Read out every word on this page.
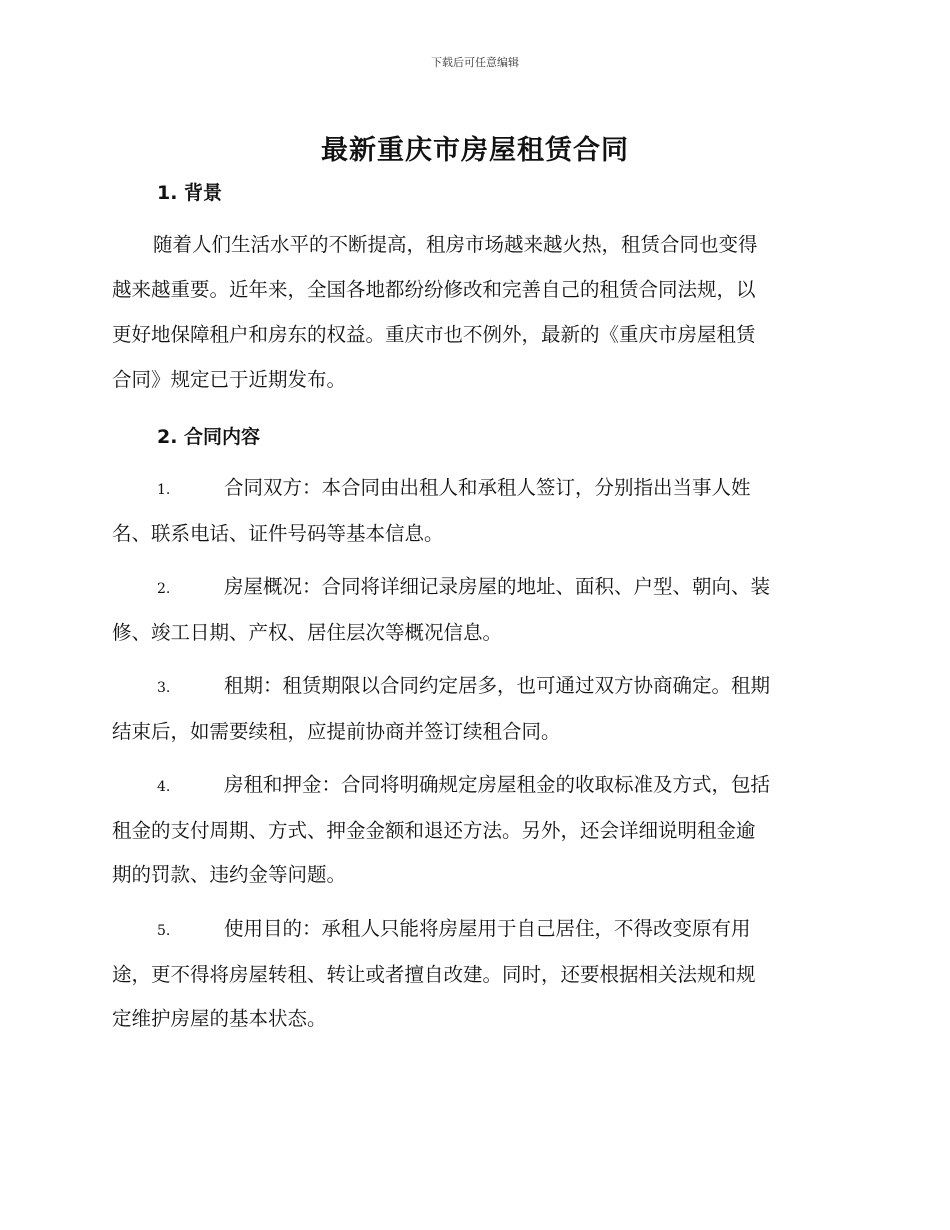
下载后可任意编辑
最新重庆市房屋租赁合同
1. 背景
随着人们生活水平的不断提高，租房市场越来越火热，租赁合同也变得
越来越重要。近年来，全国各地都纷纷修改和完善自己的租赁合同法规，以
更好地保障租户和房东的权益。重庆市也不例外，最新的《重庆市房屋租赁
合同》规定已于近期发布。
2. 合同内容
1.	合同双方：本合同由出租人和承租人签订，分别指出当事人姓
名、联系电话、证件号码等基本信息。
2.	房屋概况：合同将详细记录房屋的地址、面积、户型、朝向、装
修、竣工日期、产权、居住层次等概况信息。
3.	租期：租赁期限以合同约定居多，也可通过双方协商确定。租期
结束后，如需要续租，应提前协商并签订续租合同。
4.	房租和押金：合同将明确规定房屋租金的收取标准及方式，包括
租金的支付周期、方式、押金金额和退还方法。另外，还会详细说明租金逾
期的罚款、违约金等问题。
5.	使用目的：承租人只能将房屋用于自己居住，不得改变原有用
途，更不得将房屋转租、转让或者擅自改建。同时，还要根据相关法规和规
定维护房屋的基本状态。
